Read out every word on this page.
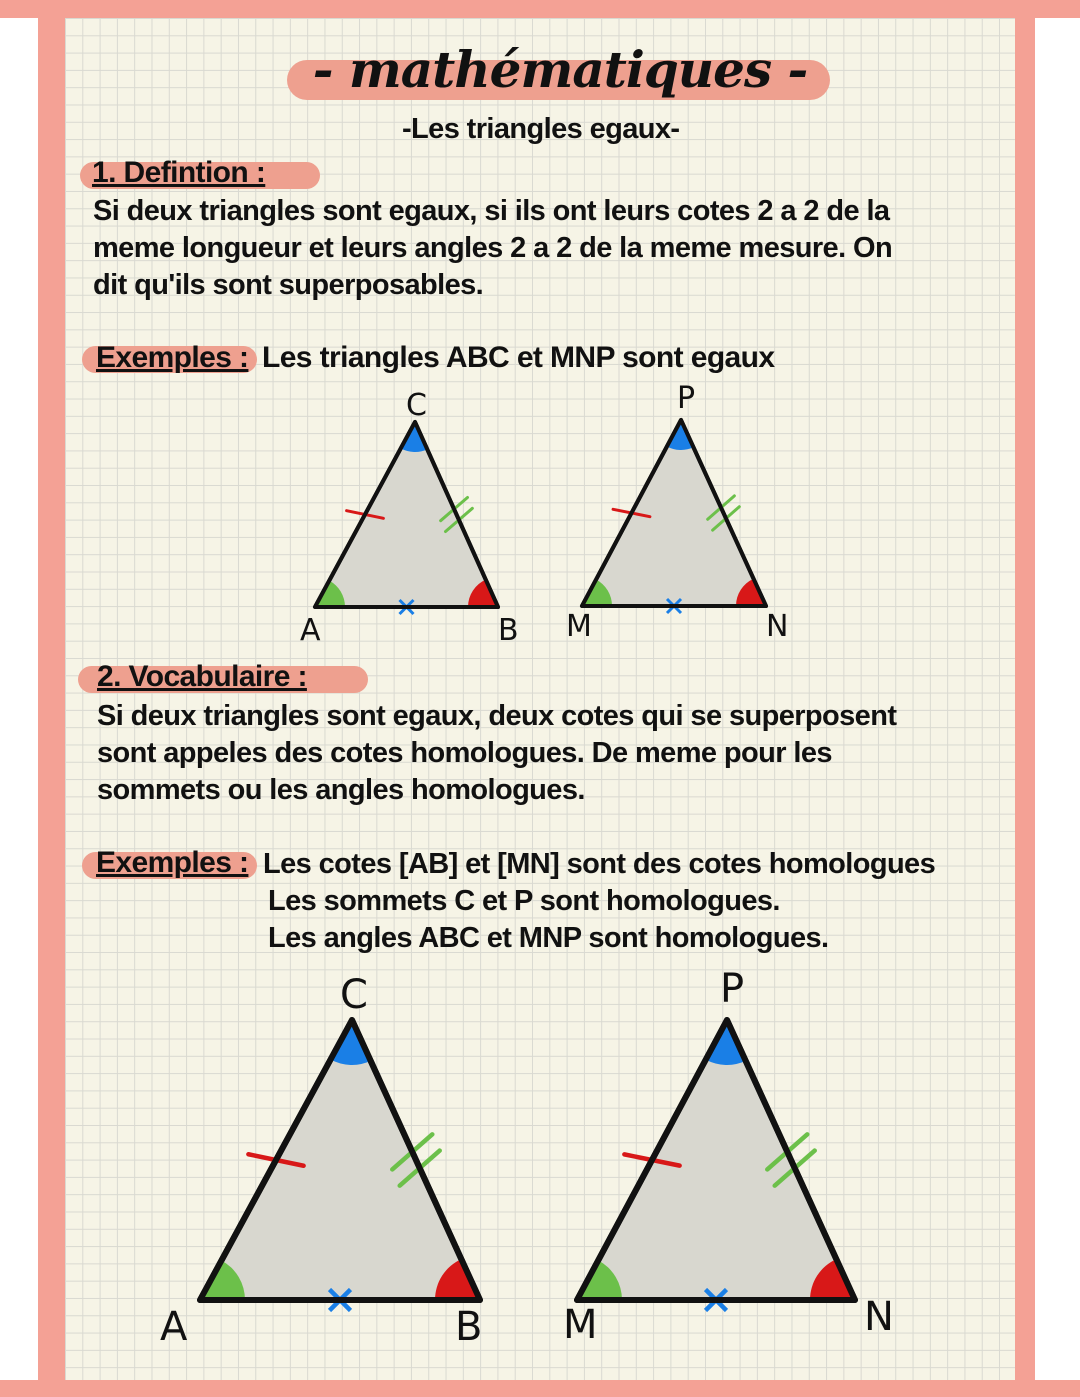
- mathématiques -
-Les triangles egaux-
1. Defintion :
Si deux triangles sont egaux, si ils ont leurs cotes 2 a 2 de la
meme longueur et leurs angles 2 a 2 de la meme mesure. On
dit qu'ils sont superposables.
Exemples : Les triangles ABC et MNP sont egaux
2. Vocabulaire :
Si deux triangles sont egaux, deux cotes qui se superposent
sont appeles des cotes homologues. De meme pour les
sommets ou les angles homologues.
Exemples : Les cotes [AB] et [MN] sont des cotes homologues
Les sommets C et P sont homologues.
Les angles ABC et MNP sont homologues.
A	B
C
M	N
P
A	B
C
M	N
P
